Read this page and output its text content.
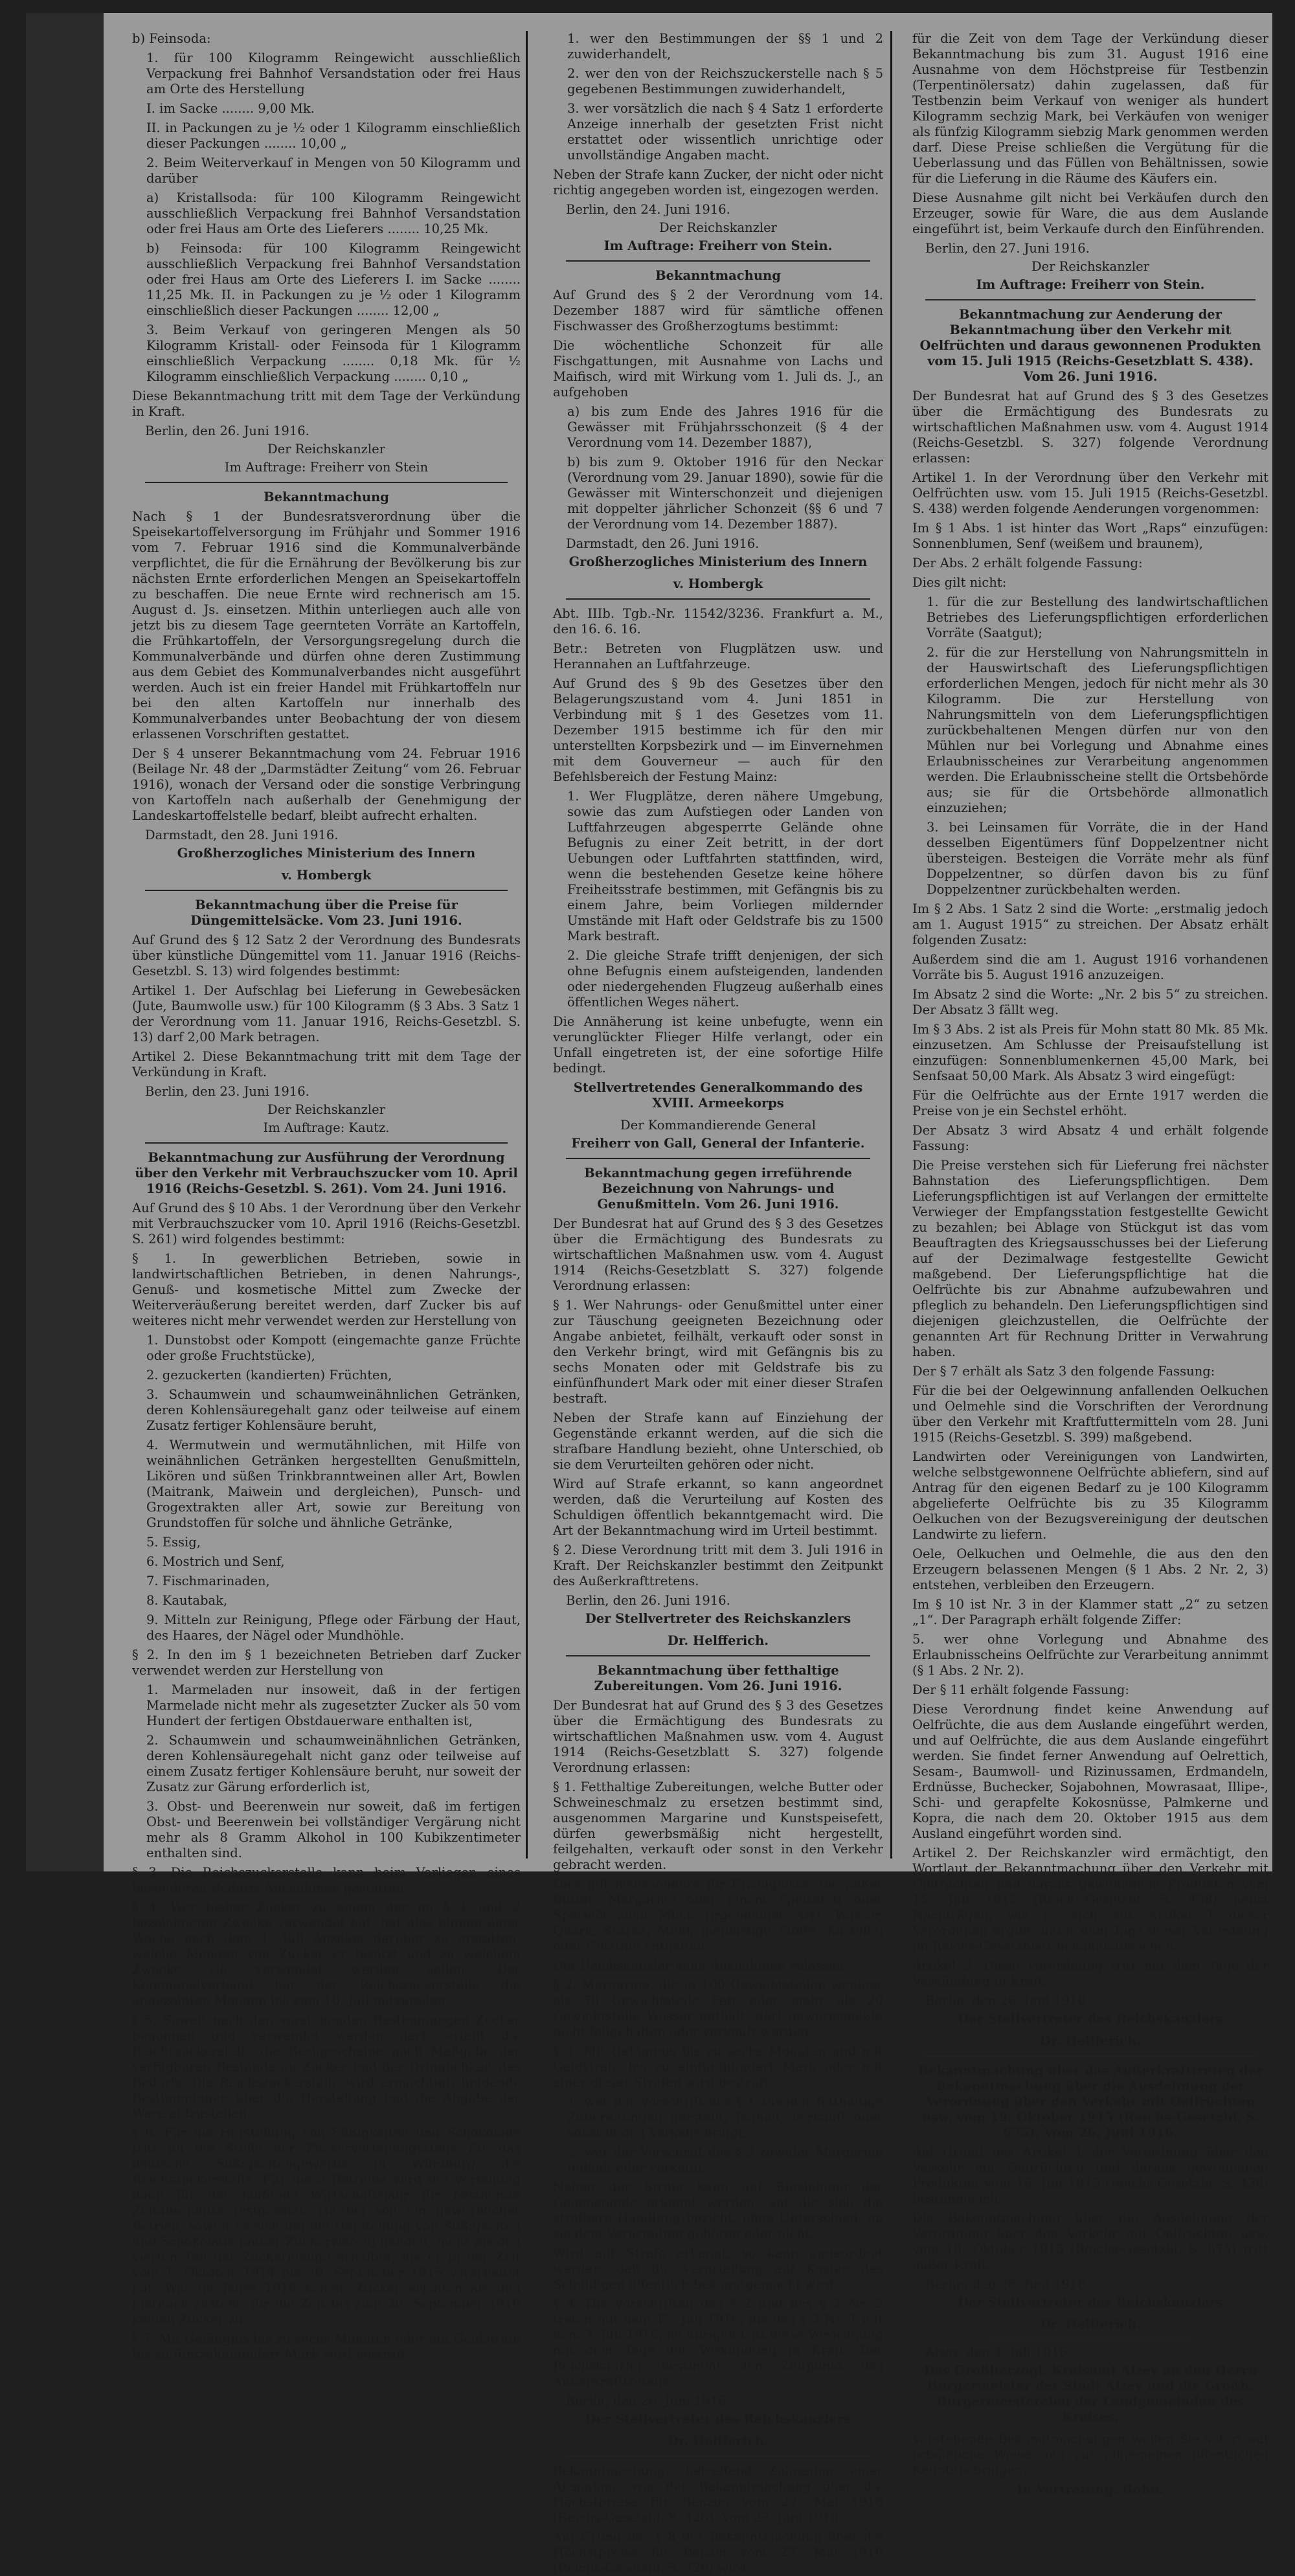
b) Feinsoda:
1. für 100 Kilogramm Reingewicht ausschließlich Verpackung frei Bahnhof Versandstation oder frei Haus am Orte des Herstellung
I. im Sacke ........ 9,00 Mk.
II. in Packungen zu je ½ oder 1 Kilogramm einschließlich dieser Packungen ........ 10,00 „
2. Beim Weiterverkauf in Mengen von 50 Kilogramm und darüber
a) Kristallsoda: für 100 Kilogramm Reingewicht ausschließlich Verpackung frei Bahnhof Versandstation oder frei Haus am Orte des Lieferers ........ 10,25 Mk.
b) Feinsoda: für 100 Kilogramm Reingewicht ausschließlich Verpackung frei Bahnhof Versandstation oder frei Haus am Orte des Lieferers I. im Sacke ........ 11,25 Mk. II. in Packungen zu je ½ oder 1 Kilogramm einschließlich dieser Packungen ........ 12,00 „
3. Beim Verkauf von geringeren Mengen als 50 Kilogramm Kristall- oder Feinsoda für 1 Kilogramm einschließlich Verpackung ........ 0,18 Mk. für ½ Kilogramm einschließlich Verpackung ........ 0,10 „
Diese Bekanntmachung tritt mit dem Tage der Verkündung in Kraft.
Berlin, den 26. Juni 1916.
Der Reichskanzler
Im Auftrage: Freiherr von Stein
Bekanntmachung
Nach § 1 der Bundesratsverordnung über die Speisekartoffelversorgung im Frühjahr und Sommer 1916 vom 7. Februar 1916 sind die Kommunalverbände verpflichtet, die für die Ernährung der Bevölkerung bis zur nächsten Ernte erforderlichen Mengen an Speisekartoffeln zu beschaffen. Die neue Ernte wird rechnerisch am 15. August d. Js. einsetzen. Mithin unterliegen auch alle von jetzt bis zu diesem Tage geernteten Vorräte an Kartoffeln, die Frühkartoffeln, der Versorgungsregelung durch die Kommunalverbände und dürfen ohne deren Zustimmung aus dem Gebiet des Kommunalverbandes nicht ausgeführt werden. Auch ist ein freier Handel mit Frühkartoffeln nur bei den alten Kartoffeln nur innerhalb des Kommunalverbandes unter Beobachtung der von diesem erlassenen Vorschriften gestattet.
Der § 4 unserer Bekanntmachung vom 24. Februar 1916 (Beilage Nr. 48 der „Darmstädter Zeitung“ vom 26. Februar 1916), wonach der Versand oder die sonstige Verbringung von Kartoffeln nach außerhalb der Genehmigung der Landeskartoffelstelle bedarf, bleibt aufrecht erhalten.
Darmstadt, den 28. Juni 1916.
Großherzogliches Ministerium des Innern
v. Hombergk
Bekanntmachung über die Preise für Düngemittelsäcke. Vom 23. Juni 1916.
Auf Grund des § 12 Satz 2 der Verordnung des Bundesrats über künstliche Düngemittel vom 11. Januar 1916 (Reichs-Gesetzbl. S. 13) wird folgendes bestimmt:
Artikel 1. Der Aufschlag bei Lieferung in Gewebesäcken (Jute, Baumwolle usw.) für 100 Kilogramm (§ 3 Abs. 3 Satz 1 der Verordnung vom 11. Januar 1916, Reichs-Gesetzbl. S. 13) darf 2,00 Mark betragen.
Artikel 2. Diese Bekanntmachung tritt mit dem Tage der Verkündung in Kraft.
Berlin, den 23. Juni 1916.
Der Reichskanzler
Im Auftrage: Kautz.
Bekanntmachung zur Ausführung der Verordnung über den Verkehr mit Verbrauchszucker vom 10. April 1916 (Reichs-Gesetzbl. S. 261). Vom 24. Juni 1916.
Auf Grund des § 10 Abs. 1 der Verordnung über den Verkehr mit Verbrauchszucker vom 10. April 1916 (Reichs-Gesetzbl. S. 261) wird folgendes bestimmt:
§ 1. In gewerblichen Betrieben, sowie in landwirtschaftlichen Betrieben, in denen Nahrungs-, Genuß- und kosmetische Mittel zum Zwecke der Weiterveräußerung bereitet werden, darf Zucker bis auf weiteres nicht mehr verwendet werden zur Herstellung von
1. Dunstobst oder Kompott (eingemachte ganze Früchte oder große Fruchtstücke),
2. gezuckerten (kandierten) Früchten,
3. Schaumwein und schaumweinähnlichen Getränken, deren Kohlensäuregehalt ganz oder teilweise auf einem Zusatz fertiger Kohlensäure beruht,
4. Wermutwein und wermutähnlichen, mit Hilfe von weinähnlichen Getränken hergestellten Genußmitteln, Likören und süßen Trinkbranntweinen aller Art, Bowlen (Maitrank, Maiwein und dergleichen), Punsch- und Grogextrakten aller Art, sowie zur Bereitung von Grundstoffen für solche und ähnliche Getränke,
5. Essig,
6. Mostrich und Senf,
7. Fischmarinaden,
8. Kautabak,
9. Mitteln zur Reinigung, Pflege oder Färbung der Haut, des Haares, der Nägel oder Mundhöhle.
§ 2. In den im § 1 bezeichneten Betrieben darf Zucker verwendet werden zur Herstellung von
1. Marmeladen nur insoweit, daß in der fertigen Marmelade nicht mehr als zugesetzter Zucker als 50 vom Hundert der fertigen Obstdauerware enthalten ist,
2. Schaumwein und schaumweinähnlichen Getränken, deren Kohlensäuregehalt nicht ganz oder teilweise auf einem Zusatz fertiger Kohlensäure beruht, nur soweit der Zusatz zur Gärung erforderlich ist,
3. Obst- und Beerenwein nur soweit, daß im fertigen Obst- und Beerenwein bei vollständiger Vergärung nicht mehr als 8 Gramm Alkohol in 100 Kubikzentimeter enthalten sind.
§ 3. Die Reichszuckerstelle kann beim Vorliegen eines besonderen Bedarfs Ausnahmen gestatten.
§ 4. Wer bisher Zucker zu einem der im § 1 und 2 bezeichneten Zwecke verwendet hat, hat dies binnen einer Woche nach dem 1. Juli Anzeige darüber zu erstatten, welche Mengen von Zucker er besitzt und zu welchem Zwecke sie verwendet werden sollen. Der Kommunalverband hat der Reichszuckerstelle die angezeigten Mengen bis zum 10. Juli mitzuteilen.
§ 5. Soweit nach den vorstehenden Bestimmungen Zucker begonnen und verwendet werden darf, erteilt die Reichszuckerstelle die Bezugsscheine nach Maßgabe der verfügbaren Bestände an Zucker und der Dringlichkeit des Bedarfs. Die Reichszuckerstelle wird ermächtigt, bindende Bestimmungen über die Herstellung und die Abgabe der Ware aufzustellen.
§ 6. Für die Herstellung von Süßigkeiten und Schokolade tritt an die Stelle der Zuckerverteilungsstelle für das deutsche Süßigkeitengewerbe in Würzburg die Reichszuckerstelle. Für diese Betriebe wird die Verteilung dann für das laufende Wirtschaftsjahr für bestimmte Zeitabschnitte festgesetzt. Hierbei soll ein gewerblicher Betrieb, soweit es sich um die Herstellung von Süßigkeiten und Schokolade (außer Zuckerwaren) handelt, mehr als den vierten Teil der Zuckermenge erhalten, die er in der Zeit vom 1. Oktober 1914 bis 30. September 1915 verarbeitet hat. Wer im Jahre 1916 keinen Zucker erhalten als ihm hiernach zusteht, für die Zeit bis zum 30. September 1916 keinen Zucker zu.
§ 7. Mit Gefängnis bis zu sechs Monaten oder mit Geldstrafe bis zu fünfzehnhundert Mark wird bestraft
1. wer den Bestimmungen der §§ 1 und 2 zuwiderhandelt,
2. wer den von der Reichszuckerstelle nach § 5 gegebenen Bestimmungen zuwiderhandelt,
3. wer vorsätzlich die nach § 4 Satz 1 erforderte Anzeige innerhalb der gesetzten Frist nicht erstattet oder wissentlich unrichtige oder unvollständige Angaben macht.
Neben der Strafe kann Zucker, der nicht oder nicht richtig angegeben worden ist, eingezogen werden.
Berlin, den 24. Juni 1916.
Der Reichskanzler
Im Auftrage: Freiherr von Stein.
Bekanntmachung
Auf Grund des § 2 der Verordnung vom 14. Dezember 1887 wird für sämtliche offenen Fischwasser des Großherzogtums bestimmt:
Die wöchentliche Schonzeit für alle Fischgattungen, mit Ausnahme von Lachs und Maifisch, wird mit Wirkung vom 1. Juli ds. J., an aufgehoben
a) bis zum Ende des Jahres 1916 für die Gewässer mit Frühjahrsschonzeit (§ 4 der Verordnung vom 14. Dezember 1887),
b) bis zum 9. Oktober 1916 für den Neckar (Verordnung vom 29. Januar 1890), sowie für die Gewässer mit Winterschonzeit und diejenigen mit doppelter jährlicher Schonzeit (§§ 6 und 7 der Verordnung vom 14. Dezember 1887).
Darmstadt, den 26. Juni 1916.
Großherzogliches Ministerium des Innern
v. Hombergk
Abt. IIIb. Tgb.-Nr. 11542/3236. Frankfurt a. M., den 16. 6. 16.
Betr.: Betreten von Flugplätzen usw. und Herannahen an Luftfahrzeuge.
Auf Grund des § 9b des Gesetzes über den Belagerungszustand vom 4. Juni 1851 in Verbindung mit § 1 des Gesetzes vom 11. Dezember 1915 bestimme ich für den mir unterstellten Korpsbezirk und — im Einvernehmen mit dem Gouverneur — auch für den Befehlsbereich der Festung Mainz:
1. Wer Flugplätze, deren nähere Umgebung, sowie das zum Aufstiegen oder Landen von Luftfahrzeugen abgesperrte Gelände ohne Befugnis zu einer Zeit betritt, in der dort Uebungen oder Luftfahrten stattfinden, wird, wenn die bestehenden Gesetze keine höhere Freiheitsstrafe bestimmen, mit Gefängnis bis zu einem Jahre, beim Vorliegen mildernder Umstände mit Haft oder Geldstrafe bis zu 1500 Mark bestraft.
2. Die gleiche Strafe trifft denjenigen, der sich ohne Befugnis einem aufsteigenden, landenden oder niedergehenden Flugzeug außerhalb eines öffentlichen Weges nähert.
Die Annäherung ist keine unbefugte, wenn ein verunglückter Flieger Hilfe verlangt, oder ein Unfall eingetreten ist, der eine sofortige Hilfe bedingt.
Stellvertretendes Generalkommando des XVIII. Armeekorps
Der Kommandierende General
Freiherr von Gall, General der Infanterie.
Bekanntmachung gegen irreführende Bezeichnung von Nahrungs- und Genußmitteln. Vom 26. Juni 1916.
Der Bundesrat hat auf Grund des § 3 des Gesetzes über die Ermächtigung des Bundesrats zu wirtschaftlichen Maßnahmen usw. vom 4. August 1914 (Reichs-Gesetzblatt S. 327) folgende Verordnung erlassen:
§ 1. Wer Nahrungs- oder Genußmittel unter einer zur Täuschung geeigneten Bezeichnung oder Angabe anbietet, feilhält, verkauft oder sonst in den Verkehr bringt, wird mit Gefängnis bis zu sechs Monaten oder mit Geldstrafe bis zu einfünfhundert Mark oder mit einer dieser Strafen bestraft.
Neben der Strafe kann auf Einziehung der Gegenstände erkannt werden, auf die sich die strafbare Handlung bezieht, ohne Unterschied, ob sie dem Verurteilten gehören oder nicht.
Wird auf Strafe erkannt, so kann angeordnet werden, daß die Verurteilung auf Kosten des Schuldigen öffentlich bekanntgemacht wird. Die Art der Bekanntmachung wird im Urteil bestimmt.
§ 2. Diese Verordnung tritt mit dem 3. Juli 1916 in Kraft. Der Reichskanzler bestimmt den Zeitpunkt des Außerkrafttretens.
Berlin, den 26. Juni 1916.
Der Stellvertreter des Reichskanzlers
Dr. Helfferich.
Bekanntmachung über fetthaltige Zubereitungen. Vom 26. Juni 1916.
Der Bundesrat hat auf Grund des § 3 des Gesetzes über die Ermächtigung des Bundesrats zu wirtschaftlichen Maßnahmen usw. vom 4. August 1914 (Reichs-Gesetzblatt S. 327) folgende Verordnung erlassen:
§ 1. Fetthaltige Zubereitungen, welche Butter oder Schweineschmalz zu ersetzen bestimmt sind, ausgenommen Margarine und Kunstspeisefett, dürfen gewerbsmäßig nicht hergestellt, feilgehalten, verkauft oder sonst in den Verkehr gebracht werden.
Dies gilt insbesondere für Erzeugnisse, die außer Butter, Margarine oder einem Speisefett oder Speiseöl auch Milch (irgendeiner Art), Wasser, Quark, Stärke, Mehl, mehlartige Stoffe, Kartoffel oder Gelatine enthalten.
Der Reichskanzler kann Ausnahmen zulassen.
§ 2. Margarine, die in 100 Gewichtsteilen weniger als 76 Gewichtsteile Fett oder mehr als 20 Gewichtsteile Wasser enthält, darf gewerbsmäßig nicht feilgehalten oder verkauft werden.
§ 3. Mit Gefängnis bis zu sechs Monaten und mit Geldstrafe bis zu einfünfhundert Mark oder mit einer dieser Strafen wird bestraft:
1. wer der Vorschrift des § 1 zuwider fetthaltige Zubereitungen herstellt, feilhält, verkauft oder sonst in den Verkehr bringt;
2. wer der Vorschrift des § 2 zuwider Margarine feilhält oder verkauft.
Neben der Strafe kann auf Einziehung der Gegenstände erkannt werden, auf die sich die strafbare Handlung bezieht, ohne Unterschied, ob sie dem Verurteilten gehören oder nicht.
Wird auf Strafe erkannt, so kann angeordnet werden, daß die Verurteilung auf Kosten des Schuldigen öffentlich bekanntgemacht wird.
§ 4. Die Vorschriften des § 2 und des § 3 Nr. 2 treten mit dem 15. Juli 1916, die des § 3 Nr. 1 mit dem 3. Juli 1916, im übrigen tritt diese Verordnung mit dem Tage der Verkündung in Kraft. Der Reichskanzler bestimmt den Zeitpunkt des Außerkrafttretens.
Berlin, den 26. Juni 1916.
Der Stellvertreter des Reichskanzlers
Dr. Helfferich.
Bekanntmachung, betreffend Zulassung einer Ausnahme von der Bekanntmachung über die Höchstpreise für Benzin, vom 27. Mai 1916 (Reichs-Gesetzbl. S. 426). Vom 27. Juni 1916.
Auf Grund des § 8 der Bekanntmachung über die Höchstpreise für Benzin vom 27. Mai 1916 (Reichs-Gesetzbl. S. 426) wird
für die Zeit von dem Tage der Verkündung dieser Bekanntmachung bis zum 31. August 1916 eine Ausnahme von dem Höchstpreise für Testbenzin (Terpentinölersatz) dahin zugelassen, daß für Testbenzin beim Verkauf von weniger als hundert Kilogramm sechzig Mark, bei Verkäufen von weniger als fünfzig Kilogramm siebzig Mark genommen werden darf. Diese Preise schließen die Vergütung für die Ueberlassung und das Füllen von Behältnissen, sowie für die Lieferung in die Räume des Käufers ein.
Diese Ausnahme gilt nicht bei Verkäufen durch den Erzeuger, sowie für Ware, die aus dem Auslande eingeführt ist, beim Verkaufe durch den Einführenden.
Berlin, den 27. Juni 1916.
Der Reichskanzler
Im Auftrage: Freiherr von Stein.
Bekanntmachung zur Aenderung der Bekanntmachung über den Verkehr mit Oelfrüchten und daraus gewonnenen Produkten vom 15. Juli 1915 (Reichs-Gesetzblatt S. 438). Vom 26. Juni 1916.
Der Bundesrat hat auf Grund des § 3 des Gesetzes über die Ermächtigung des Bundesrats zu wirtschaftlichen Maßnahmen usw. vom 4. August 1914 (Reichs-Gesetzbl. S. 327) folgende Verordnung erlassen:
Artikel 1. In der Verordnung über den Verkehr mit Oelfrüchten usw. vom 15. Juli 1915 (Reichs-Gesetzbl. S. 438) werden folgende Aenderungen vorgenommen:
Im § 1 Abs. 1 ist hinter das Wort „Raps“ einzufügen: Sonnenblumen, Senf (weißem und braunem),
Der Abs. 2 erhält folgende Fassung:
Dies gilt nicht:
1. für die zur Bestellung des landwirtschaftlichen Betriebes des Lieferungspflichtigen erforderlichen Vorräte (Saatgut);
2. für die zur Herstellung von Nahrungsmitteln in der Hauswirtschaft des Lieferungspflichtigen erforderlichen Mengen, jedoch für nicht mehr als 30 Kilogramm. Die zur Herstellung von Nahrungsmitteln von dem Lieferungspflichtigen zurückbehaltenen Mengen dürfen nur von den Mühlen nur bei Vorlegung und Abnahme eines Erlaubnisscheines zur Verarbeitung angenommen werden. Die Erlaubnisscheine stellt die Ortsbehörde aus; sie für die Ortsbehörde allmonatlich einzuziehen;
3. bei Leinsamen für Vorräte, die in der Hand desselben Eigentümers fünf Doppelzentner nicht übersteigen. Besteigen die Vorräte mehr als fünf Doppelzentner, so dürfen davon bis zu fünf Doppelzentner zurückbehalten werden.
Im § 2 Abs. 1 Satz 2 sind die Worte: „erstmalig jedoch am 1. August 1915“ zu streichen. Der Absatz erhält folgenden Zusatz:
Außerdem sind die am 1. August 1916 vorhandenen Vorräte bis 5. August 1916 anzuzeigen.
Im Absatz 2 sind die Worte: „Nr. 2 bis 5“ zu streichen. Der Absatz 3 fällt weg.
Im § 3 Abs. 2 ist als Preis für Mohn statt 80 Mk. 85 Mk. einzusetzen. Am Schlusse der Preisaufstellung ist einzufügen: Sonnenblumenkernen 45,00 Mark, bei Senfsaat 50,00 Mark. Als Absatz 3 wird eingefügt:
Für die Oelfrüchte aus der Ernte 1917 werden die Preise von je ein Sechstel erhöht.
Der Absatz 3 wird Absatz 4 und erhält folgende Fassung:
Die Preise verstehen sich für Lieferung frei nächster Bahnstation des Lieferungspflichtigen. Dem Lieferungspflichtigen ist auf Verlangen der ermittelte Verwieger der Empfangsstation festgestellte Gewicht zu bezahlen; bei Ablage von Stückgut ist das vom Beauftragten des Kriegsausschusses bei der Lieferung auf der Dezimalwage festgestellte Gewicht maßgebend. Der Lieferungspflichtige hat die Oelfrüchte bis zur Abnahme aufzubewahren und pfleglich zu behandeln. Den Lieferungspflichtigen sind diejenigen gleichzustellen, die Oelfrüchte der genannten Art für Rechnung Dritter in Verwahrung haben.
Der § 7 erhält als Satz 3 den folgende Fassung:
Für die bei der Oelgewinnung anfallenden Oelkuchen und Oelmehle sind die Vorschriften der Verordnung über den Verkehr mit Kraftfuttermitteln vom 28. Juni 1915 (Reichs-Gesetzbl. S. 399) maßgebend.
Landwirten oder Vereinigungen von Landwirten, welche selbstgewonnene Oelfrüchte abliefern, sind auf Antrag für den eigenen Bedarf zu je 100 Kilogramm abgelieferte Oelfrüchte bis zu 35 Kilogramm Oelkuchen von der Bezugsvereinigung der deutschen Landwirte zu liefern.
Oele, Oelkuchen und Oelmehle, die aus den den Erzeugern belassenen Mengen (§ 1 Abs. 2 Nr. 2, 3) entstehen, verbleiben den Erzeugern.
Im § 10 ist Nr. 3 in der Klammer statt „2“ zu setzen „1“. Der Paragraph erhält folgende Ziffer:
5. wer ohne Vorlegung und Abnahme des Erlaubnisscheins Oelfrüchte zur Verarbeitung annimmt (§ 1 Abs. 2 Nr. 2).
Der § 11 erhält folgende Fassung:
Diese Verordnung findet keine Anwendung auf Oelfrüchte, die aus dem Auslande eingeführt werden, und auf Oelfrüchte, die aus dem Auslande eingeführt werden. Sie findet ferner Anwendung auf Oelrettich, Sesam-, Baumwoll- und Rizinussamen, Erdmandeln, Erdnüsse, Buchecker, Sojabohnen, Mowrasaat, Illipe-, Schi- und gerapfelte Kokosnüsse, Palmkerne und Kopra, die nach dem 20. Oktober 1915 aus dem Ausland eingeführt worden sind.
Artikel 2. Der Reichskanzler wird ermächtigt, den Wortlaut der Bekanntmachung über den Verkehr mit Oelfrüchten und daraus gewonnenen Produkten vom 15. Juli 1915 (Reichs-Gesetzbl. S. 438) nebst Nachträgen, wie er sich aus Artikel 1 dieser Verordnung ergibt, unter dem Tage dieser Verordnung im Reichs-Gesetzblatt bekanntzumachen.
Artikel 3. Diese Verordnung tritt mit dem Tage der Verkündung in Kraft.
Berlin, den 26. Juni 1916.
Der Stellvertreter des Reichskanzlers
Dr. Helfferich.
Bekanntmachung über das Außerkrafttreten der Bekanntmachung über die Ausdehnung der Verordnung über den Verkehr mit Oelfrüchten usw. vom 19. Oktober 1915 (Reichs-Gesetzbl. S. 675). Vom 26. Juni 1916.
Auf Grund des Artikel 1 der Verordnung über den Verkehr mit Oelfrüchten und daraus gewonnenen Produkten vom 15. Juli 1915 (Reichs-Gesetzbl. S. 438) bestimme ich:
Die Bekanntmachung über die Ausdehnung der Verordnung über den Verkehr mit Oelfrüchten usw. vom 19. Oktober 1915 (Reichs-Gesetzbl. S. 675) tritt außer Kraft.
Berlin, den 26. Juni 1916.
Der Stellvertreter des Reichskanzlers
Dr. Helfferich.
Alzey, den 4. Juli 1916.
Das Großherzogl. Kreisamt Alzey an den Herrn Bürgermeister der Stadt Alzey und die Großh. Bürgermeistereien der Landgemeinden des Kreises.
Vorstehende Bekanntmachungen wollen Sie sofort auf ortsübliche Weise und zur allgemeinen öffentlichen Kenntnis bringen.
In Vertretung: Bohn.
